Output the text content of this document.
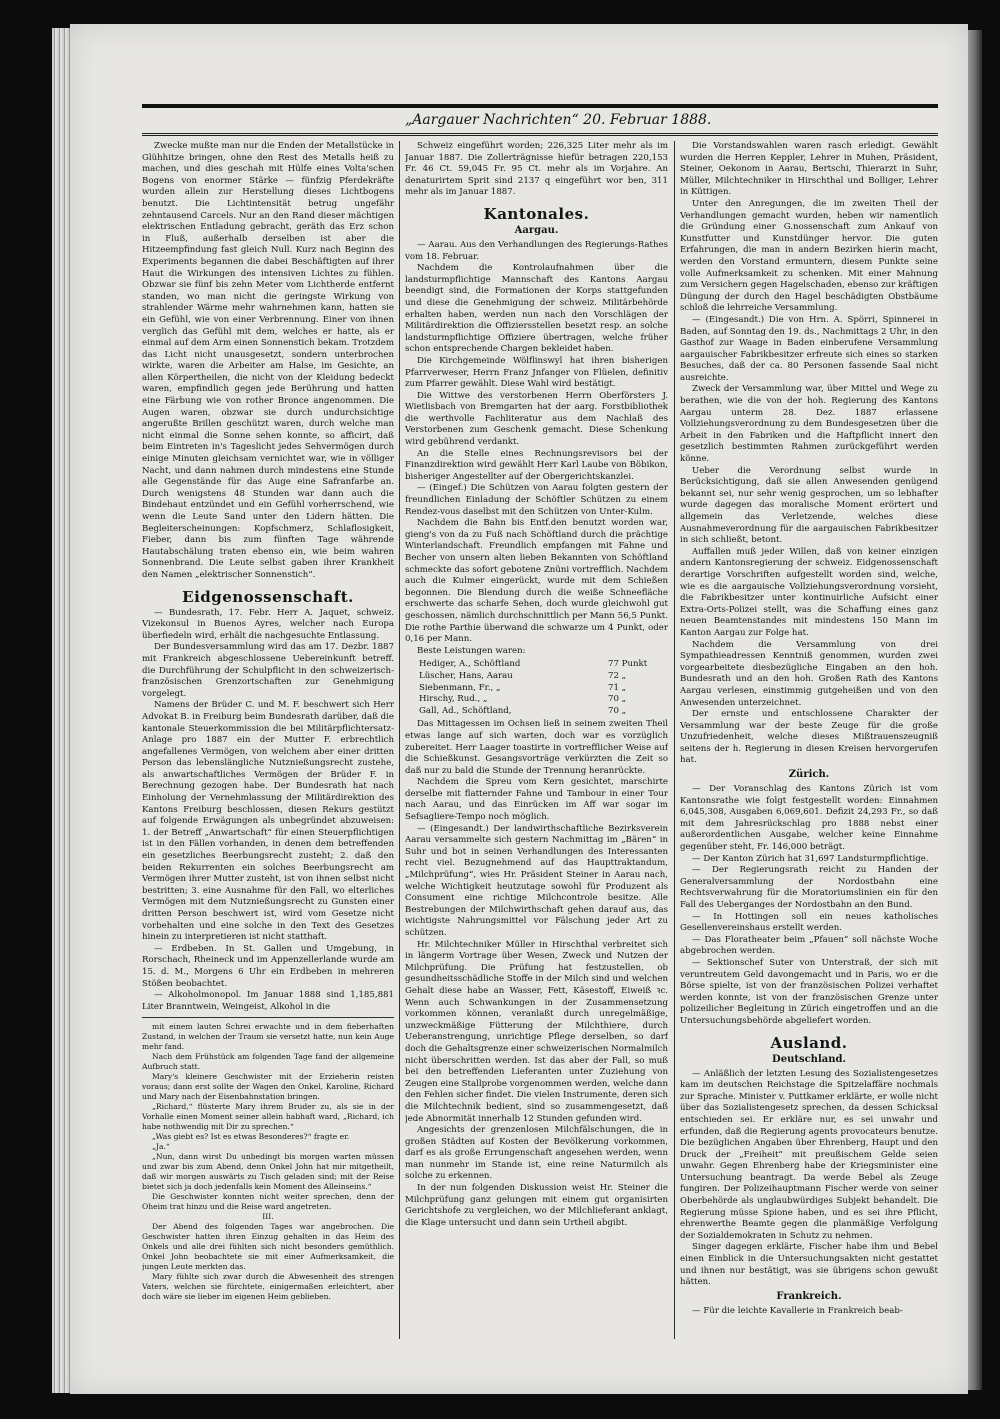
„Aargauer Nachrichten“ 20. Februar 1888.

Zwecke mußte man nur die Enden der Metallstücke in Glühhitze bringen, ohne den Rest des Metalls heiß zu machen, und dies geschah mit Hülfe eines Volta'schen Bogens von enormer Stärke — fünfzig Pferdekräfte wurden allein zur Herstellung dieses Lichtbogens benutzt. Die Lichtintensität betrug ungefähr zehntausend Carcels. Nur an den Rand dieser mächtigen elektrischen Entladung gebracht, geräth das Erz schon in Fluß, außerhalb derselben ist aber die Hitzeempfindung fast gleich Null. Kurz nach Beginn des Experiments begannen die dabei Beschäftigten auf ihrer Haut die Wirkungen des intensiven Lichtes zu fühlen. Obzwar sie fünf bis zehn Meter vom Lichtherde entfernt standen, wo man nicht die geringste Wirkung von strahlender Wärme mehr wahrnehmen kann, hatten sie ein Gefühl, wie von einer Verbrennung. Einer von ihnen verglich das Gefühl mit dem, welches er hatte, als er einmal auf dem Arm einen Sonnenstich bekam. Trotzdem das Licht nicht unausgesetzt, sondern unterbrochen wirkte, waren die Arbeiter am Halse, im Gesichte, an allen Körpertheilen, die nicht von der Kleidung bedeckt waren, empfindlich gegen jede Berührung und hatten eine Färbung wie von rother Bronce angenommen. Die Augen waren, obzwar sie durch undurchsichtige angerußte Brillen geschützt waren, durch welche man nicht einmal die Sonne sehen konnte, so afficirt, daß beim Eintreten in's Tageslicht jedes Sehvermögen durch einige Minuten gleichsam vernichtet war, wie in völliger Nacht, und dann nahmen durch mindestens eine Stunde alle Gegenstände für das Auge eine Safranfarbe an. Durch wenigstens 48 Stunden war dann auch die Bindehaut entzündet und ein Gefühl vorherrschend, wie wenn die Leute Sand unter den Lidern hätten. Die Begleiterscheinungen: Kopfschmerz, Schlaflosigkeit, Fieber, dann bis zum fünften Tage währende Hautabschälung traten ebenso ein, wie beim wahren Sonnenbrand. Die Leute selbst gaben ihrer Krankheit den Namen „elektrischer Sonnenstich“.

Eidgenossenschaft.

— Bundesrath, 17. Febr. Herr A. Jaquet, schweiz. Vizekonsul in Buenos Ayres, welcher nach Europa überfiedeln wird, erhält die nachgesuchte Entlassung.

Der Bundesversammlung wird das am 17. Dezbr. 1887 mit Frankreich abgeschlossene Uebereinkunft betreff. die Durchführung der Schulpflicht in den schweizerisch-französischen Grenzortschaften zur Genehmigung vorgelegt.

Namens der Brüder C. und M. F. beschwert sich Herr Advokat B. in Freiburg beim Bundesrath darüber, daß die kantonale Steuerkommission die bei Militärpflichtersatz-Anlage pro 1887 ein der Mutter F. erbrechtlich angefallenes Vermögen, von welchem aber einer dritten Person das lebenslängliche Nutznießungsrecht zustehe, als anwartschaftliches Vermögen der Brüder F. in Berechnung gezogen habe. Der Bundesrath hat nach Einholung der Vernehmlassung der Militärdirektion des Kantons Freiburg beschlossen, diesen Rekurs gestützt auf folgende Erwägungen als unbegründet abzuweisen: 1. der Betreff „Anwartschaft“ für einen Steuerpflichtigen ist in den Fällen vorhanden, in denen dem betreffenden ein gesetzliches Beerbungsrecht zusteht; 2. daß den beiden Rekurrenten ein solches Beerbungsrecht am Vermögen ihrer Mutter zusteht, ist von ihnen selbst nicht bestritten; 3. eine Ausnahme für den Fall, wo elterliches Vermögen mit dem Nutznießungsrecht zu Gunsten einer dritten Person beschwert ist, wird vom Gesetze nicht vorbehalten und eine solche in den Text des Gesetzes hinein zu interpretieren ist nicht statthaft.

— Erdbeben. In St. Gallen und Umgebung, in Rorschach, Rheineck und im Appenzellerlande wurde am 15. d. M., Morgens 6 Uhr ein Erdbeben in mehreren Stößen beobachtet.

— Alkoholmonopol. Im Januar 1888 sind 1,185,881 Liter Branntwein, Weingeist, Alkohol in die

mit einem lauten Schrei erwachte und in dem fieberhaften Zustand, in welchen der Traum sie versetzt hatte, nun kein Auge mehr fand.

Nach dem Frühstück am folgenden Tage fand der allgemeine Aufbruch statt.

Mary's kleinere Geschwister mit der Erzieherin reisten voraus; dann erst sollte der Wagen den Onkel, Karoline, Richard und Mary nach der Eisenbahnstation bringen.

„Richard,“ flüsterte Mary ihrem Bruder zu, als sie in der Vorhalle einen Moment seiner allein habhaft ward, „Richard, ich habe nothwendig mit Dir zu sprechen.“

„Was giebt es? Ist es etwas Besonderes?“ fragte er.

„Ja.“

„Nun, dann wirst Du unbedingt bis morgen warten müssen und zwar bis zum Abend, denn Onkel John hat mir mitgetheilt, daß wir morgen auswärts zu Tisch geladen sind; mit der Reise bietet sich ja doch jedenfalls kein Moment des Alleinseins.“

Die Geschwister konnten nicht weiter sprechen, denn der Oheim trat hinzu und die Reise ward angetreten.

III.

Der Abend des folgenden Tages war angebrochen. Die Geschwister hatten ihren Einzug gehalten in das Heim des Onkels und alle drei fühlten sich nicht besonders gemüthlich. Onkel John beobachtete sie mit einer Aufmerksamkeit, die jungen Leute merkten das.

Mary fühlte sich zwar durch die Abwesenheit des strengen Vaters, welchen sie fürchtete, einigermaßen erleichtert, aber doch wäre sie lieber im eigenen Heim geblieben.

Schweiz eingeführt worden; 226,325 Liter mehr als im Januar 1887. Die Zollerträgnisse hiefür betragen 220,153 Fr. 46 Ct. 59,045 Fr. 95 Ct. mehr als im Vorjahre. An denaturirtem Sprit sind 2137 q eingeführt wor ben, 311 mehr als im Januar 1887.

Kantonales.
Aargau.

— Aarau. Aus den Verhandlungen des Regierungs-Rathes vom 18. Februar.

Nachdem die Kontrolaufnahmen über die landsturmpflichtige Mannschaft des Kantons Aargau beendigt sind, die Formationen der Korps stattgefunden und diese die Genehmigung der schweiz. Militärbehörde erhalten haben, werden nun nach den Vorschlägen der Militärdirektion die Offiziersstellen besetzt resp. an solche landsturmpflichtige Offiziere übertragen, welche früher schon entsprechende Chargen bekleidet haben.

Die Kirchgemeinde Wölflinswyl hat ihren bisherigen Pfarrverweser, Herrn Franz Jnfanger von Flüelen, definitiv zum Pfarrer gewählt. Diese Wahl wird bestätigt.

Die Wittwe des verstorbenen Herrn Oberförsters J. Wietlisbach von Bremgarten hat der aarg. Forstbibliothek die werthvolle Fachliteratur aus dem Nachlaß des Verstorbenen zum Geschenk gemacht. Diese Schenkung wird gebührend verdankt.

An die Stelle eines Rechnungsrevisors bei der Finanzdirektion wird gewählt Herr Karl Laube von Böbikon, bisheriger Angestellter auf der Obergerichtskanzlei.

— (Eingef.) Die Schützen von Aarau folgten gestern der freundlichen Einladung der Schöftler Schützen zu einem Rendez-vous daselbst mit den Schützen von Unter-Kulm.

Nachdem die Bahn bis Entf.den benutzt worden war, gieng's von da zu Fuß nach Schöftland durch die prächtige Winterlandschaft. Freundlich empfangen mit Fahne und Becher von unsern alten lieben Bekannten von Schöftland schmeckte das sofort gebotene Znüni vortrefflich. Nachdem auch die Kulmer eingerückt, wurde mit dem Schießen begonnen. Die Blendung durch die weiße Schneefläche erschwerte das scharfe Sehen, doch wurde gleichwohl gut geschossen, nämlich durchschnittlich per Mann 56,5 Punkt. Die rothe Parthie überwand die schwarze um 4 Punkt, oder 0,16 per Mann.

Beste Leistungen waren:

Hediger, A., Schöftland	77 Punkt
Lüscher, Hans, Aarau	72 „
Siebenmann, Fr., „	71 „
Hirschy, Rud., „	70 „
Gall, Ad., Schöftland,	70 „

Das Mittagessen im Ochsen ließ in seinem zweiten Theil etwas lange auf sich warten, doch war es vorzüglich zubereitet. Herr Laager toastirte in vortrefflicher Weise auf die Schießkunst. Gesangsvorträge verkürzten die Zeit so daß nur zu bald die Stunde der Trennung heranrückte.

Nachdem die Spreu vom Kern gesichtet, marschirte derselbe mit flatternder Fahne und Tambour in einer Tour nach Aarau, und das Einrücken im Aff war sogar im Sefsagliere-Tempo noch möglich.

— (Eingesandt.) Der landwirthschaftliche Bezirksverein Aarau versammelte sich gestern Nachmittag im „Bären“ in Suhr und bot in seinen Verhandlungen des Interessanten recht viel. Bezugnehmend auf das Haupttraktandum, „Milchprüfung“, wies Hr. Präsident Steiner in Aarau nach, welche Wichtigkeit heutzutage sowohl für Produzent als Consument eine richtige Milchcontrole besitze. Alle Bestrebungen der Milchwirthschaft gehen darauf aus, das wichtigste Nahrungsmittel vor Fälschung jeder Art zu schützen.

Hr. Milchtechniker Müller in Hirschthal verbreitet sich in längerm Vortrage über Wesen, Zweck und Nutzen der Milchprüfung. Die Prüfung hat festzustellen, ob gesundheitsschädliche Stoffe in der Milch sind und welchen Gehalt diese habe an Wasser, Fett, Käsestoff, Eiweiß ꝛc. Wenn auch Schwankungen in der Zusammensetzung vorkommen können, veranlaßt durch unregelmäßige, unzweckmäßige Fütterung der Milchthiere, durch Ueberanstrengung, unrichtige Pflege derselben, so darf doch die Gehaltsgrenze einer schweizerischen Normalmilch nicht überschritten werden. Ist das aber der Fall, so muß bei den betreffenden Lieferanten unter Zuziehung von Zeugen eine Stallprobe vorgenommen werden, welche dann den Fehlen sicher findet. Die vielen Instrumente, deren sich die Milchtechnik bedient, sind so zusammengesetzt, daß jede Abnormität innerhalb 12 Stunden gefunden wird.

Angesichts der grenzenlosen Milchfälschungen, die in großen Städten auf Kosten der Bevölkerung vorkommen, darf es als große Errungenschaft angesehen werden, wenn man nunmehr im Stande ist, eine reine Naturmilch als solche zu erkennen.

In der nun folgenden Diskussion weist Hr. Steiner die Milchprüfung ganz gelungen mit einem gut organisirten Gerichtshofe zu vergleichen, wo der Milchlieferant anklagt, die Klage untersucht und dann sein Urtheil abgibt.

Die Vorstandswahlen waren rasch erledigt. Gewählt wurden die Herren Keppler, Lehrer in Muhen, Präsident, Steiner, Oekonom in Aarau, Bertschi, Thierarzt in Suhr, Müller, Milchtechniker in Hirschthal und Bolliger, Lehrer in Küttigen.

Unter den Anregungen, die im zweiten Theil der Verhandlungen gemacht wurden, heben wir namentlich die Gründung einer G.nossenschaft zum Ankauf von Kunstfutter und Kunstdünger hervor. Die guten Erfahrungen, die man in andern Bezirken hierin macht, werden den Vorstand ermuntern, diesem Punkte seine volle Aufmerksamkeit zu schenken. Mit einer Mahnung zum Versichern gegen Hagelschaden, ebenso zur kräftigen Düngung der durch den Hagel beschädigten Obstbäume schloß die lehrreiche Versammlung.

— (Eingesandt.) Die von Hrn. A. Spörri, Spinnerei in Baden, auf Sonntag den 19. ds., Nachmittags 2 Uhr, in den Gasthof zur Waage in Baden einberufene Versammlung aargauischer Fabrikbesitzer erfreute sich eines so starken Besuches, daß der ca. 80 Personen fassende Saal nicht ausreichte.

Zweck der Versammlung war, über Mittel und Wege zu berathen, wie die von der hoh. Regierung des Kantons Aargau unterm 28. Dez. 1887 erlassene Vollziehungsverordnung zu dem Bundesgesetzen über die Arbeit in den Fabriken und die Haftpflicht innert den gesetzlich bestimmten Rahmen zurückgeführt werden könne.

Ueber die Verordnung selbst wurde in Berücksichtigung, daß sie allen Anwesenden genügend bekannt sei, nur sehr wenig gesprochen, um so lebhafter wurde dagegen das moralische Moment erörtert und allgemein das Verletzende, welches diese Ausnahmeverordnung für die aargauischen Fabrikbesitzer in sich schließt, betont.

Auffallen muß jeder Willen, daß von keiner einzigen andern Kantonsregierung der schweiz. Eidgenossenschaft derartige Vorschriften aufgestellt worden sind, welche, wie es die aargauische Vollziehungsverordnung vorsieht, die Fabrikbesitzer unter kontinuirliche Aufsicht einer Extra-Orts-Polizei stellt, was die Schaffung eines ganz neuen Beamtenstandes mit mindestens 150 Mann im Kanton Aargau zur Folge hat.

Nachdem die Versammlung von drei Sympathieadressen Kenntniß genommen, wurden zwei vorgearbeitete diesbezügliche Eingaben an den hoh. Bundesrath und an den hoh. Großen Rath des Kantons Aargau verlesen, einstimmig gutgeheißen und von den Anwesenden unterzeichnet.

Der ernste und entschlossene Charakter der Versammlung war der beste Zeuge für die große Unzufriedenheit, welche dieses Mißtrauenszeugniß seitens der h. Regierung in diesen Kreisen hervorgerufen hat.

Zürich.

— Der Voranschlag des Kantons Zürich ist vom Kantonsrathe wie folgt festgestellt worden: Einnahmen 6,045,308, Ausgaben 6,069,601. Defizit 24,293 Fr., so daß mit dem Jahresrückschlag pro 1888 nebst einer außerordentlichen Ausgabe, welcher keine Einnahme gegenüber steht, Fr. 146,000 beträgt.

— Der Kanton Zürich hat 31,697 Landsturmpflichtige.

— Der Regierungsrath reicht zu Handen der Generalversammlung der Nordostbahn eine Rechtsverwahrung für die Moratoriumslinien ein für den Fall des Ueberganges der Nordostbahn an den Bund.

— In Hottingen soll ein neues katholisches Gesellenvereinshaus erstellt werden.

— Das Floratheater beim „Pfauen“ soll nächste Woche abgebrochen werden.

— Sektionschef Suter von Unterstraß, der sich mit veruntreutem Geld davongemacht und in Paris, wo er die Börse spielte, ist von der französischen Polizei verhaftet werden konnte, ist von der französischen Grenze unter polizeilicher Begleitung in Zürich eingetroffen und an die Untersuchungsbehörde abgeliefert worden.

Ausland.
Deutschland.

— Anläßlich der letzten Lesung des Sozialistengesetzes kam im deutschen Reichstage die Spitzelaffäre nochmals zur Sprache. Minister v. Puttkamer erklärte, er wolle nicht über das Sozialistengesetz sprechen, da dessen Schicksal entschieden sei. Er erkläre nur, es sei unwahr und erfunden, daß die Regierung agents provocateurs benutze. Die bezüglichen Angaben über Ehrenberg, Haupt und den Druck der „Freiheit“ mit preußischem Gelde seien unwahr. Gegen Ehrenberg habe der Kriegsminister eine Untersuchung beantragt. Da werde Bebel als Zeuge fungiren. Der Polizeihauptmann Fischer werde von seiner Oberbehörde als unglaubwürdiges Subjekt behandelt. Die Regierung müsse Spione haben, und es sei ihre Pflicht, ehrenwerthe Beamte gegen die planmäßige Verfolgung der Sozialdemokraten in Schutz zu nehmen.

Singer dagegen erklärte, Fischer habe ihm und Bebel einen Einblick in die Untersuchungsakten nicht gestattet und ihnen nur bestätigt, was sie übrigens schon gewußt hätten.

Frankreich.

— Für die leichte Kavallerie in Frankreich beab-
